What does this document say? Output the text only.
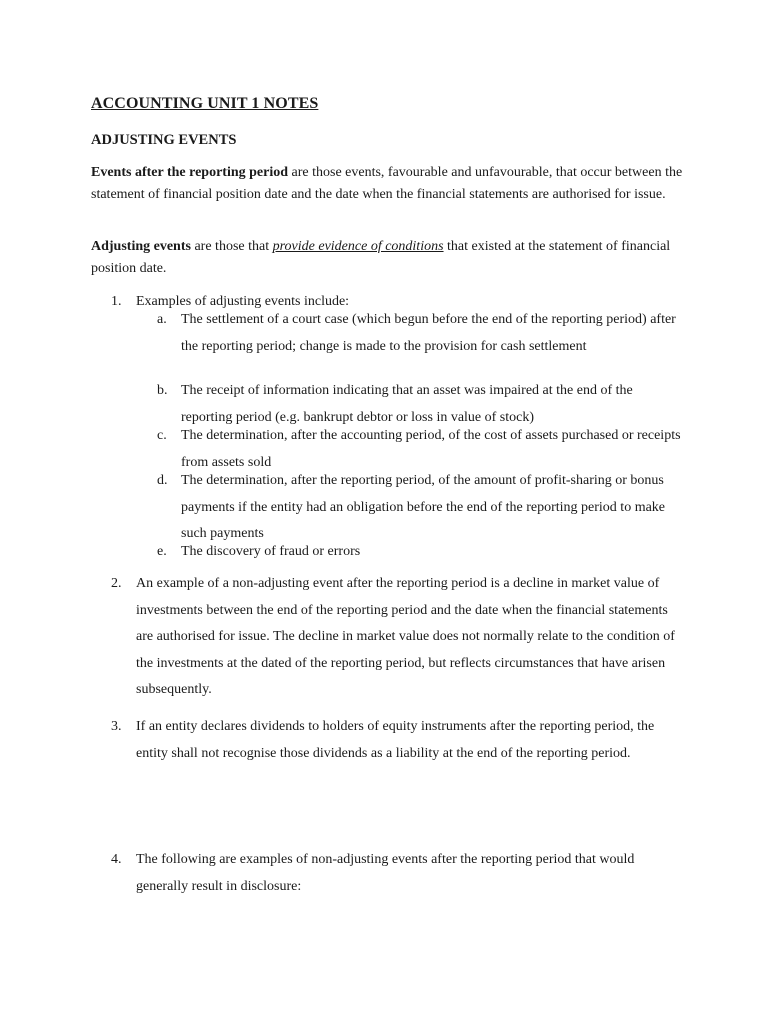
ACCOUNTING UNIT 1 NOTES
ADJUSTING EVENTS

Events after the reporting period are those events, favourable and unfavourable, that occur between the statement of financial position date and the date when the financial statements are authorised for issue.

Adjusting events are those that provide evidence of conditions that existed at the statement of financial position date.

1. Examples of adjusting events include:
a. The settlement of a court case (which begun before the end of the reporting period) after the reporting period; change is made to the provision for cash settlement
b. The receipt of information indicating that an asset was impaired at the end of the reporting period (e.g. bankrupt debtor or loss in value of stock)
c. The determination, after the accounting period, of the cost of assets purchased or receipts from assets sold
d. The determination, after the reporting period, of the amount of profit-sharing or bonus payments if the entity had an obligation before the end of the reporting period to make such payments
e. The discovery of fraud or errors
2. An example of a non-adjusting event after the reporting period is a decline in market value of investments between the end of the reporting period and the date when the financial statements are authorised for issue. The decline in market value does not normally relate to the condition of the investments at the dated of the reporting period, but reflects circumstances that have arisen subsequently.
3. If an entity declares dividends to holders of equity instruments after the reporting period, the entity shall not recognise those dividends as a liability at the end of the reporting period.
4. The following are examples of non-adjusting events after the reporting period that would generally result in disclosure:
